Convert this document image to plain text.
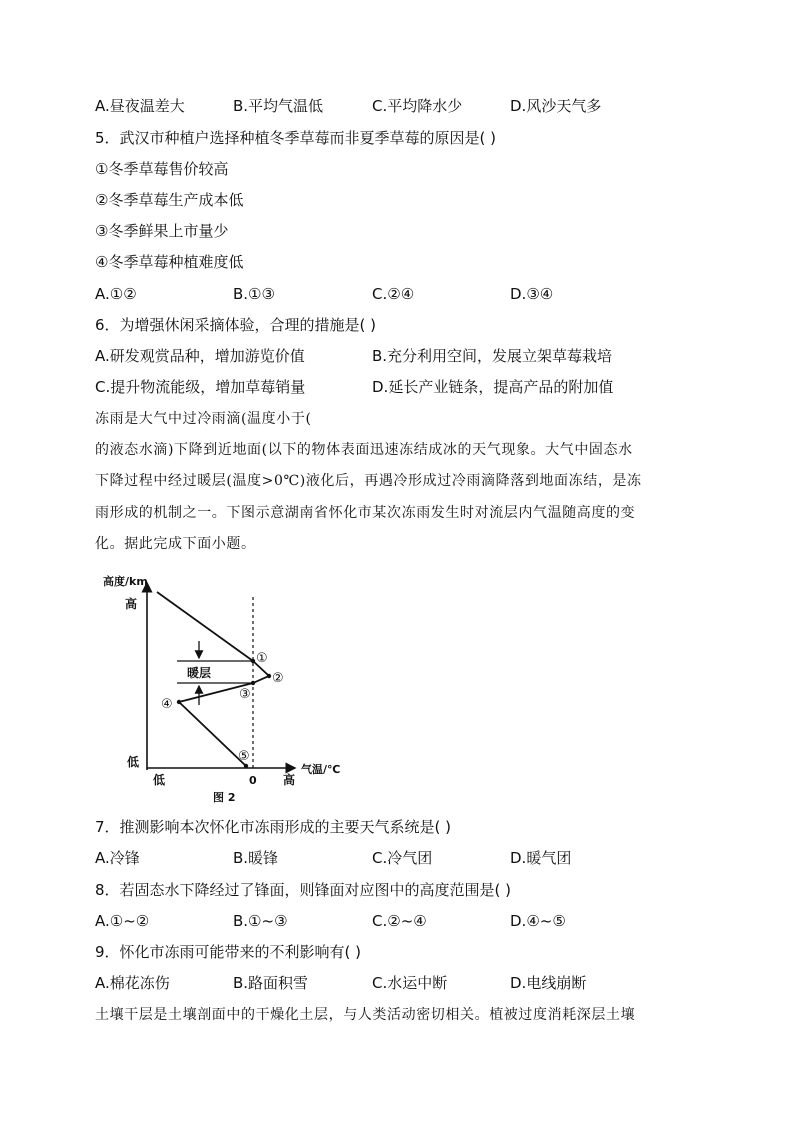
A.昼夜温差大	B.平均气温低	C.平均降水少	D.风沙天气多
5．武汉市种植户选择种植冬季草莓而非夏季草莓的原因是( )
①冬季草莓售价较高
②冬季草莓生产成本低
③冬季鲜果上市量少
④冬季草莓种植难度低
A.①②	B.①③	C.②④	D.③④
6．为增强休闲采摘体验，合理的措施是( )
A.研发观赏品种，增加游览价值	B.充分利用空间，发展立架草莓栽培
C.提升物流能级，增加草莓销量	D.延长产业链条，提高产品的附加值
冻雨是大气中过冷雨滴(温度小于(
的液态水滴)下降到近地面(以下的物体表面迅速冻结成冰的天气现象。大气中固态水
下降过程中经过暖层(温度>0℃)液化后，再遇冷形成过冷雨滴降落到地面冻结，是冻
雨形成的机制之一。下图示意湖南省怀化市某次冻雨发生时对流层内气温随高度的变
化。据此完成下面小题。
高度/km
高
低
低	0 高
气温/℃
暖层
图 2
①
②
③
④
⑤
7．推测影响本次怀化市冻雨形成的主要天气系统是( )
A.冷锋	B.暖锋	C.冷气团	D.暖气团
8．若固态水下降经过了锋面，则锋面对应图中的高度范围是( )
A.①~②	B.①~③	C.②~④	D.④~⑤
9．怀化市冻雨可能带来的不利影响有( )
A.棉花冻伤	B.路面积雪	C.水运中断	D.电线崩断
土壤干层是土壤剖面中的干燥化土层，与人类活动密切相关。植被过度消耗深层土壤
